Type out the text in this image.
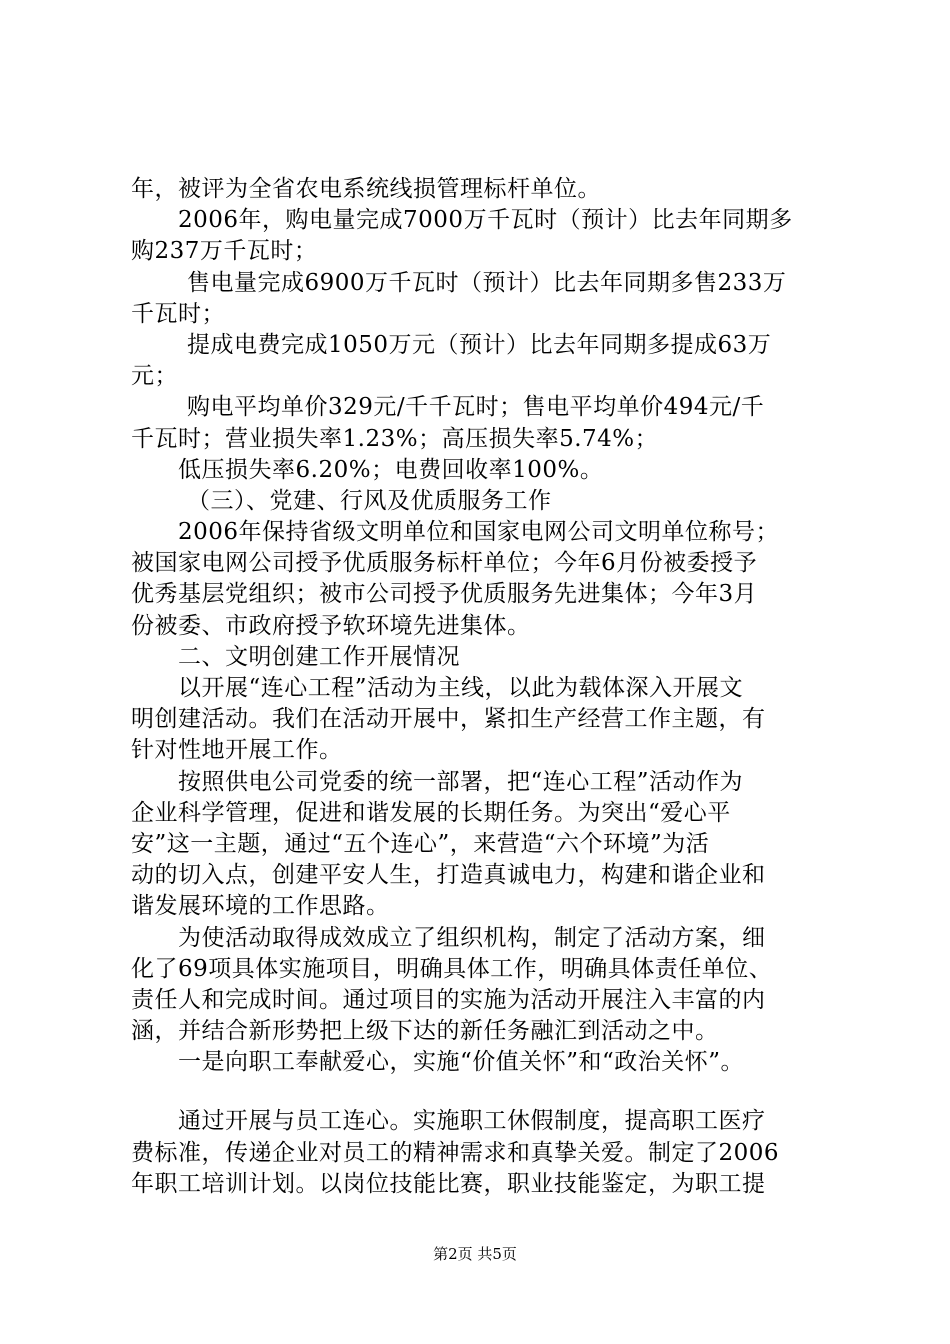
年，被评为全省农电系统线损管理标杆单位。
2006年，购电量完成7000万千瓦时（预计）比去年同期多
购237万千瓦时；
售电量完成6900万千瓦时（预计）比去年同期多售233万
千瓦时；
提成电费完成1050万元（预计）比去年同期多提成63万
元；
购电平均单价329元/千千瓦时；售电平均单价494元/千
千瓦时；营业损失率1.23%；高压损失率5.74%；
低压损失率6.20%；电费回收率100%。
（三）、党建、行风及优质服务工作
2006年保持省级文明单位和国家电网公司文明单位称号；
被国家电网公司授予优质服务标杆单位；今年6月份被委授予
优秀基层党组织；被市公司授予优质服务先进集体；今年3月
份被委、市政府授予软环境先进集体。
二、文明创建工作开展情况
以开展“连心工程”活动为主线，以此为载体深入开展文
明创建活动。我们在活动开展中，紧扣生产经营工作主题，有
针对性地开展工作。
按照供电公司党委的统一部署，把“连心工程”活动作为
企业科学管理，促进和谐发展的长期任务。为突出“爱心平
安”这一主题，通过“五个连心”，来营造“六个环境”为活
动的切入点，创建平安人生，打造真诚电力，构建和谐企业和
谐发展环境的工作思路。
为使活动取得成效成立了组织机构，制定了活动方案，细
化了69项具体实施项目，明确具体工作，明确具体责任单位、
责任人和完成时间。通过项目的实施为活动开展注入丰富的内
涵，并结合新形势把上级下达的新任务融汇到活动之中。
一是向职工奉献爱心，实施“价值关怀”和“政治关怀”。
通过开展与员工连心。实施职工休假制度，提高职工医疗
费标准，传递企业对员工的精神需求和真挚关爱。制定了2006
年职工培训计划。以岗位技能比赛，职业技能鉴定，为职工提
第2页 共5页
